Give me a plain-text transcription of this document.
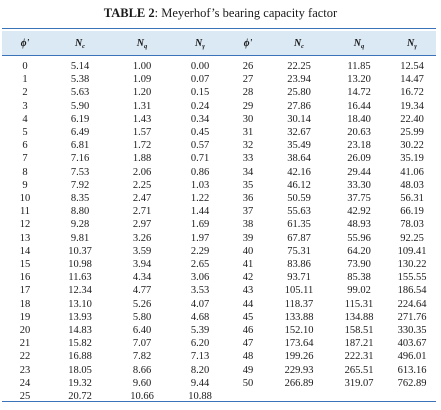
TABLE 2: Meyerhof’s bearing capacity factor
ϕ'	$N_c$	$N_q$	$N_\gamma$	ϕ'	$N_c$	$N_q$	$N_\gamma$
0	5.14	1.00	0.00	26	22.25	11.85	12.54
1	5.38	1.09	0.07	27	23.94	13.20	14.47
2	5.63	1.20	0.15	28	25.80	14.72	16.72
3	5.90	1.31	0.24	29	27.86	16.44	19.34
4	6.19	1.43	0.34	30	30.14	18.40	22.40
5	6.49	1.57	0.45	31	32.67	20.63	25.99
6	6.81	1.72	0.57	32	35.49	23.18	30.22
7	7.16	1.88	0.71	33	38.64	26.09	35.19
8	7.53	2.06	0.86	34	42.16	29.44	41.06
9	7.92	2.25	1.03	35	46.12	33.30	48.03
10	8.35	2.47	1.22	36	50.59	37.75	56.31
11	8.80	2.71	1.44	37	55.63	42.92	66.19
12	9.28	2.97	1.69	38	61.35	48.93	78.03
13	9.81	3.26	1.97	39	67.87	55.96	92.25
14	10.37	3.59	2.29	40	75.31	64.20	109.41
15	10.98	3.94	2.65	41	83.86	73.90	130.22
16	11.63	4.34	3.06	42	93.71	85.38	155.55
17	12.34	4.77	3.53	43	105.11	99.02	186.54
18	13.10	5.26	4.07	44	118.37	115.31	224.64
19	13.93	5.80	4.68	45	133.88	134.88	271.76
20	14.83	6.40	5.39	46	152.10	158.51	330.35
21	15.82	7.07	6.20	47	173.64	187.21	403.67
22	16.88	7.82	7.13	48	199.26	222.31	496.01
23	18.05	8.66	8.20	49	229.93	265.51	613.16
24	19.32	9.60	9.44	50	266.89	319.07	762.89
25	20.72	10.66	10.88				
